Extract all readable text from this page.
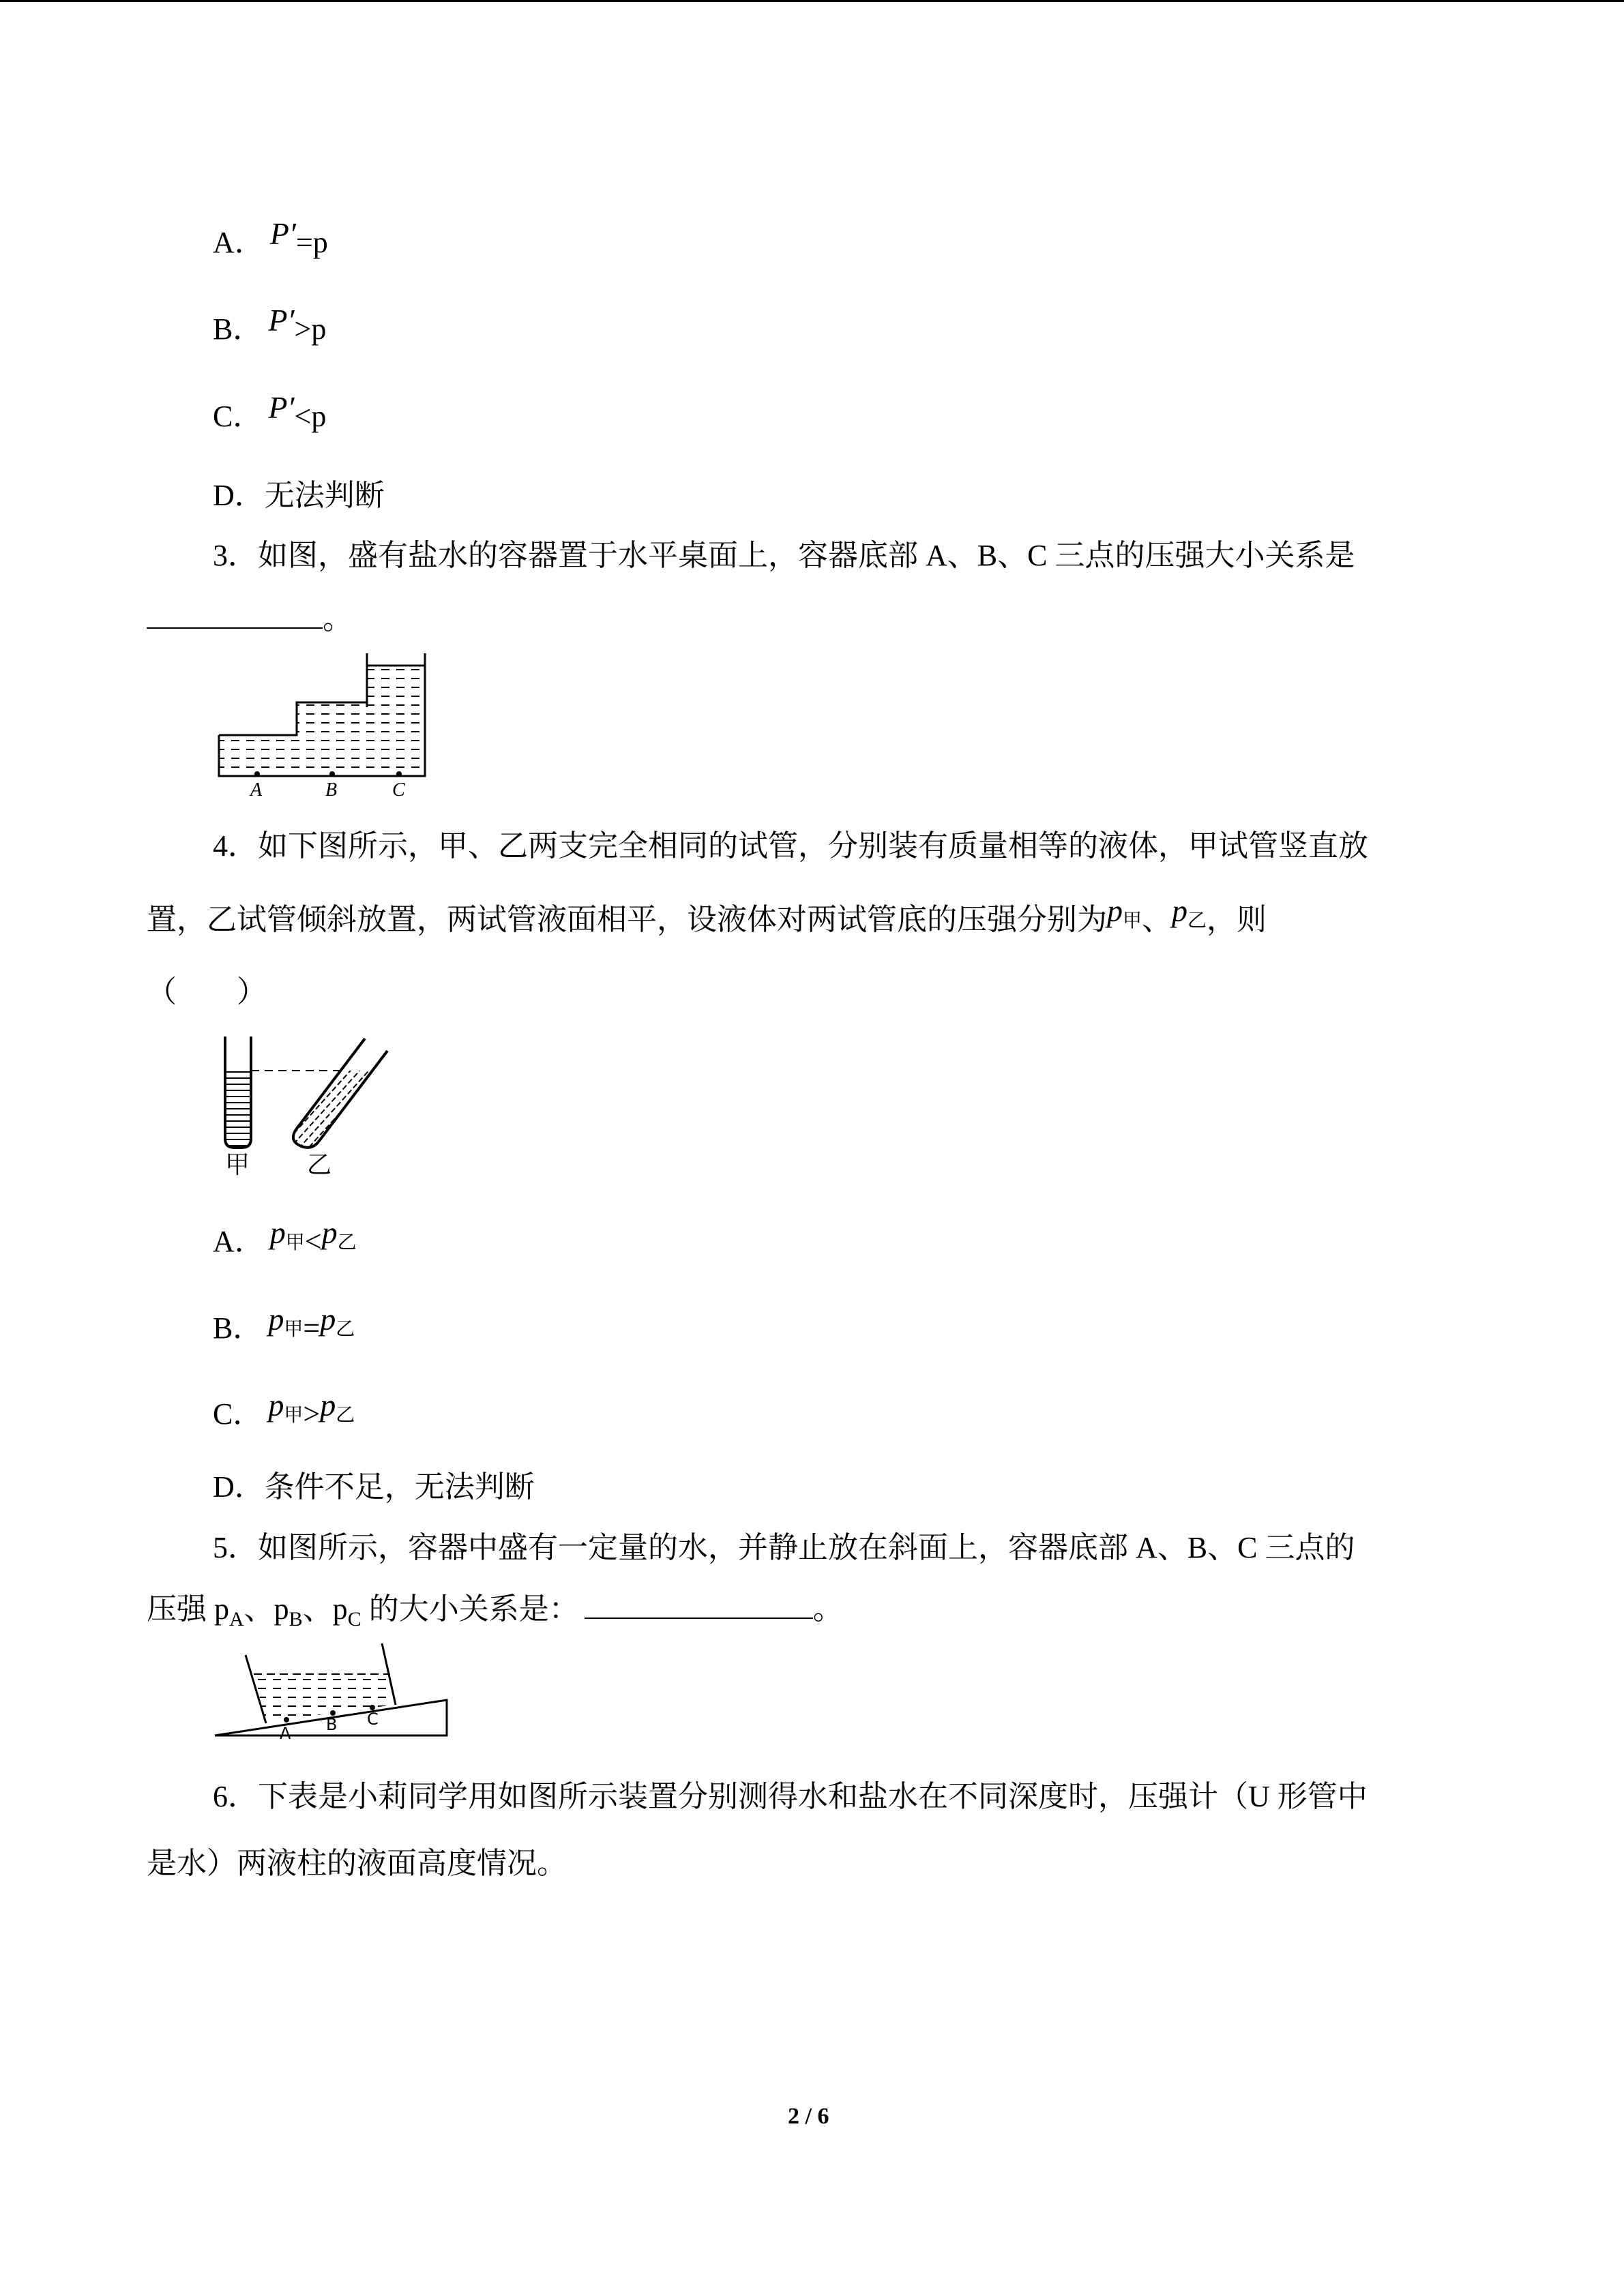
A． P′=p
B． P′>p
C． P′<p
D．无法判断
3．如图，盛有盐水的容器置于水平桌面上，容器底部 A、B、C 三点的压强大小关系是
。
A	B	C
4．如下图所示，甲、乙两支完全相同的试管，分别装有质量相等的液体，甲试管竖直放
置，乙试管倾斜放置，两试管液面相平，设液体对两试管底的压强分别为p甲、p乙，则
（　　）
甲 乙
A． p甲<p乙
B． p甲=p乙
C． p甲>p乙
D．条件不足，无法判断
5．如图所示，容器中盛有一定量的水，并静止放在斜面上，容器底部 A、B、C 三点的
压强 $p_A$、$p_B$、$p_C$ 的大小关系是：	。
A B C
6．下表是小莉同学用如图所示装置分别测得水和盐水在不同深度时，压强计（U 形管中
是水）两液柱的液面高度情况。
2 / 6
